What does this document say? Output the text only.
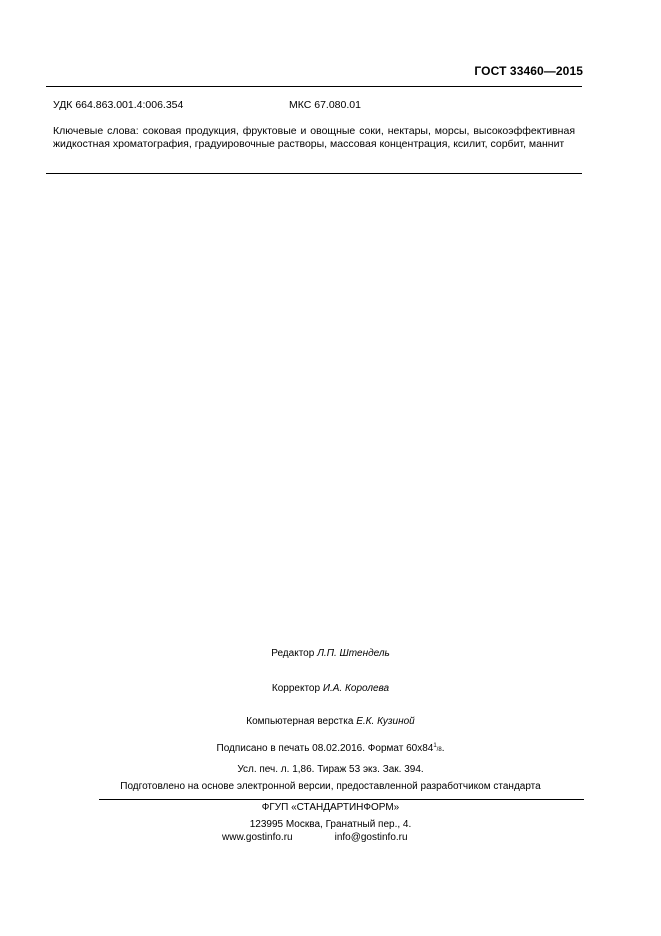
ГОСТ 33460—2015
УДК 664.863.001.4:006.354	МКС 67.080.01
Ключевые слова: соковая продукция, фруктовые и овощные соки, нектары, морсы, высокоэффективная жидкостная хроматография, градуировочные растворы, массовая концентрация, ксилит, сорбит, маннит
Редактор Л.П. Штендель
Корректор И.А. Королева
Компьютерная верстка Е.К. Кузиной
Подписано в печать 08.02.2016. Формат $60х84^1/8$.
Усл. печ. л. 1,86. Тираж 53 экз. Зак. 394.
Подготовлено на основе электронной версии, предоставленной разработчиком стандарта
ФГУП «СТАНДАРТИНФОРМ»
123995 Москва, Гранатный пер., 4.
www.gostinfo.ru	info@gostinfo.ru
